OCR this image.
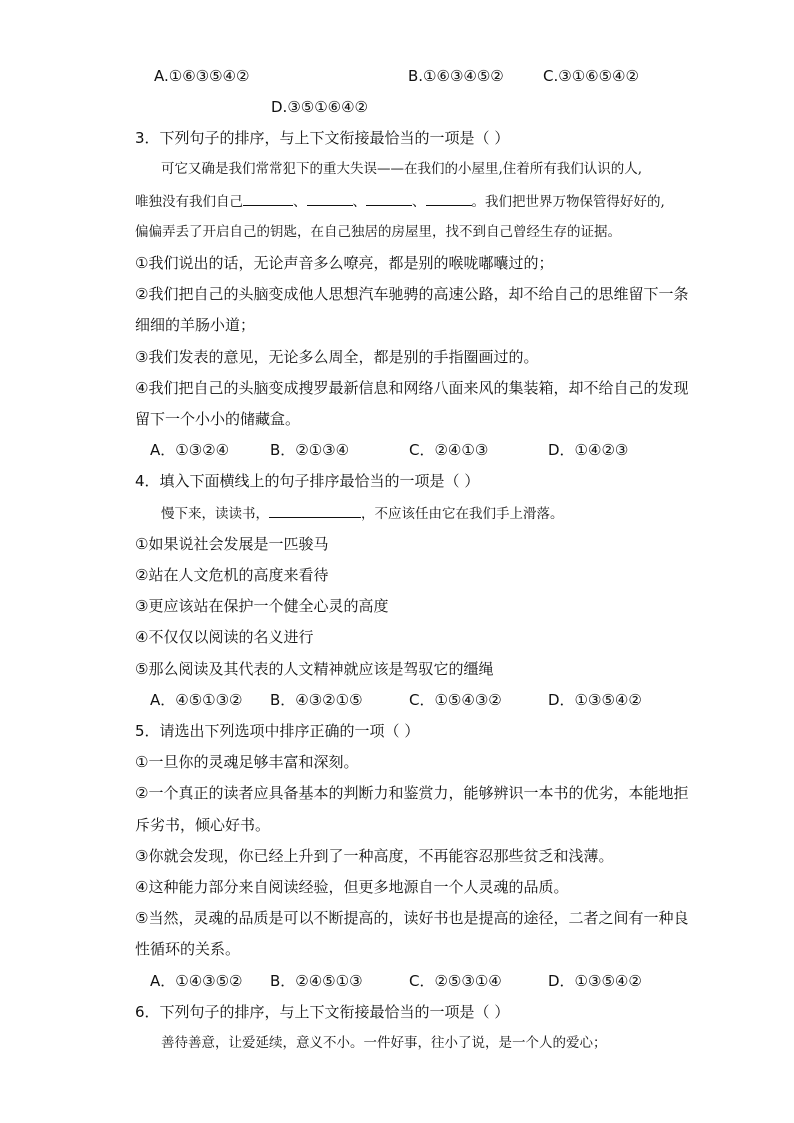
A.①⑥③⑤④②	B.①⑥③④⑤②	C.③①⑥⑤④②
D.③⑤①⑥④②
3．下列句子的排序，与上下文衔接最恰当的一项是（ ）
可它又确是我们常常犯下的重大失误——在我们的小屋里,住着所有我们认识的人,
唯独没有我们自己	、	、	、	。我们把世界万物保管得好好的,
偏偏弄丢了开启自己的钥匙，在自己独居的房屋里，找不到自己曾经生存的证据。
①我们说出的话，无论声音多么嘹亮，都是别的喉咙嘟囔过的；
②我们把自己的头脑变成他人思想汽车驰骋的高速公路，却不给自己的思维留下一条
细细的羊肠小道；
③我们发表的意见，无论多么周全，都是别的手指圈画过的。
④我们把自己的头脑变成搜罗最新信息和网络八面来风的集装箱，却不给自己的发现
留下一个小小的储藏盒。
A．①③②④	B．②①③④	C．②④①③	D．①④②③
4．填入下面横线上的句子排序最恰当的一项是（ ）
慢下来，读读书，	，不应该任由它在我们手上滑落。
①如果说社会发展是一匹骏马
②站在人文危机的高度来看待
③更应该站在保护一个健全心灵的高度
④不仅仅以阅读的名义进行
⑤那么阅读及其代表的人文精神就应该是驾驭它的缰绳
A．④⑤①③② B．④③②①⑤	C．①⑤④③②	D．①③⑤④②
5．请选出下列选项中排序正确的一项（ ）
①一旦你的灵魂足够丰富和深刻。
②一个真正的读者应具备基本的判断力和鉴赏力，能够辨识一本书的优劣，本能地拒
斥劣书，倾心好书。
③你就会发现，你已经上升到了一种高度，不再能容忍那些贫乏和浅薄。
④这种能力部分来自阅读经验，但更多地源自一个人灵魂的品质。
⑤当然，灵魂的品质是可以不断提高的，读好书也是提高的途径，二者之间有一种良
性循环的关系。
A．①④③⑤② B．②④⑤①③	C．②⑤③①④	D．①③⑤④②
6．下列句子的排序，与上下文衔接最恰当的一项是（ ）
善待善意，让爱延续，意义不小。一件好事，往小了说，是一个人的爱心；
